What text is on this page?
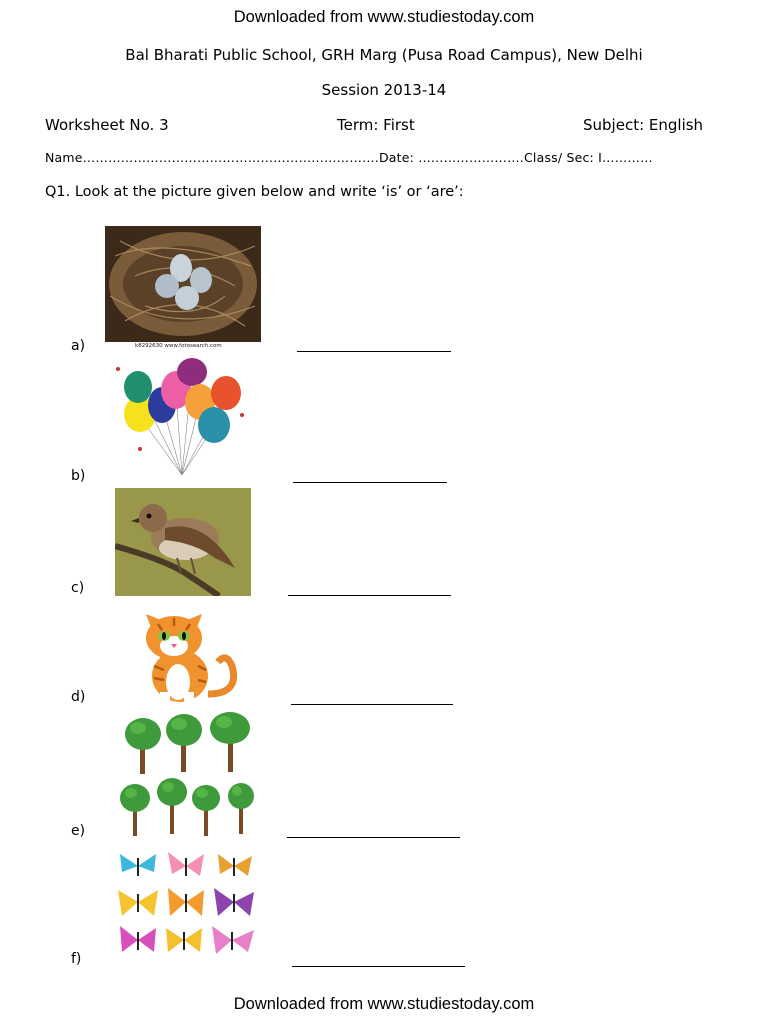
Downloaded from www.studiestoday.com
Bal Bharati Public School, GRH Marg (Pusa Road Campus), New Delhi
Session 2013-14
Worksheet No. 3	Term: First	Subject: English
Name…………………………………………………………….Date: …………………….Class/ Sec: I…………
Q1. Look at the picture given below and write ‘is’ or ‘are’:
k8292630 www.fotosearch.com
a)
b)
c)
d)
e)
f)
Downloaded from www.studiestoday.com
